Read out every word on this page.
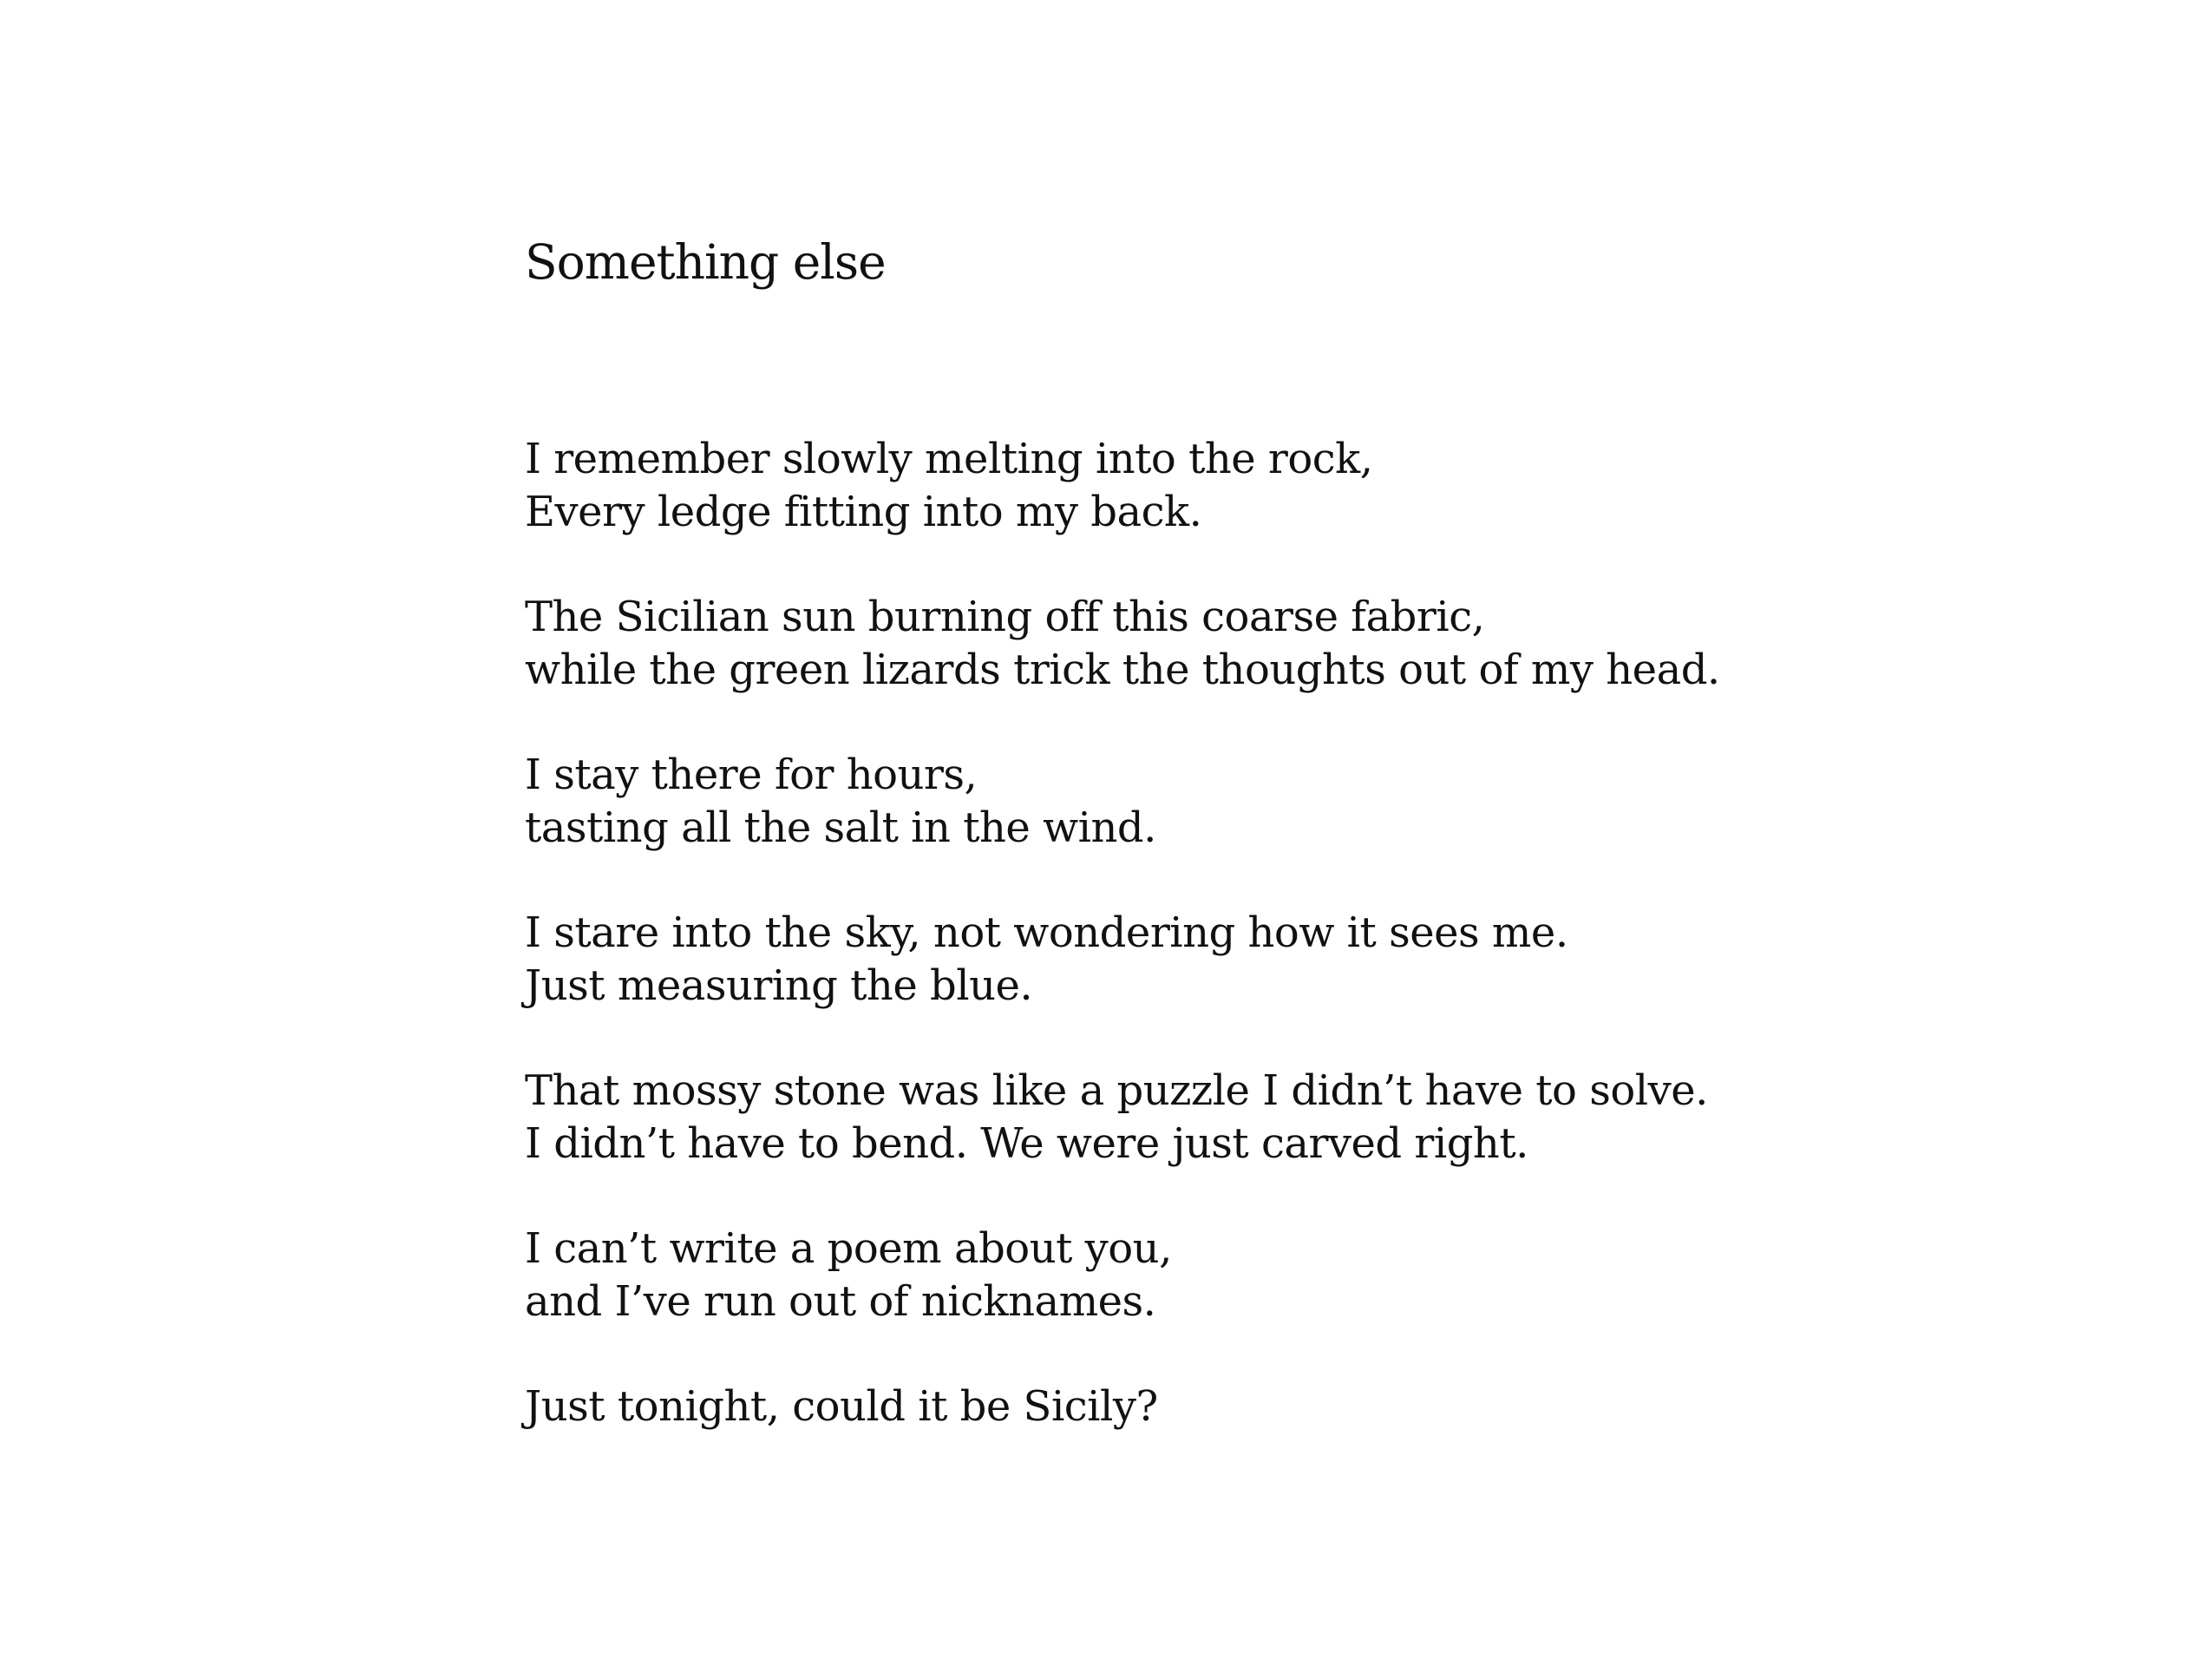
Something else

I remember slowly melting into the rock,
Every ledge fitting into my back.

The Sicilian sun burning off this coarse fabric,
while the green lizards trick the thoughts out of my head.

I stay there for hours,
tasting all the salt in the wind.

I stare into the sky, not wondering how it sees me.
Just measuring the blue.

That mossy stone was like a puzzle I didn’t have to solve.
I didn’t have to bend. We were just carved right.

I can’t write a poem about you,
and I’ve run out of nicknames.

Just tonight, could it be Sicily?
